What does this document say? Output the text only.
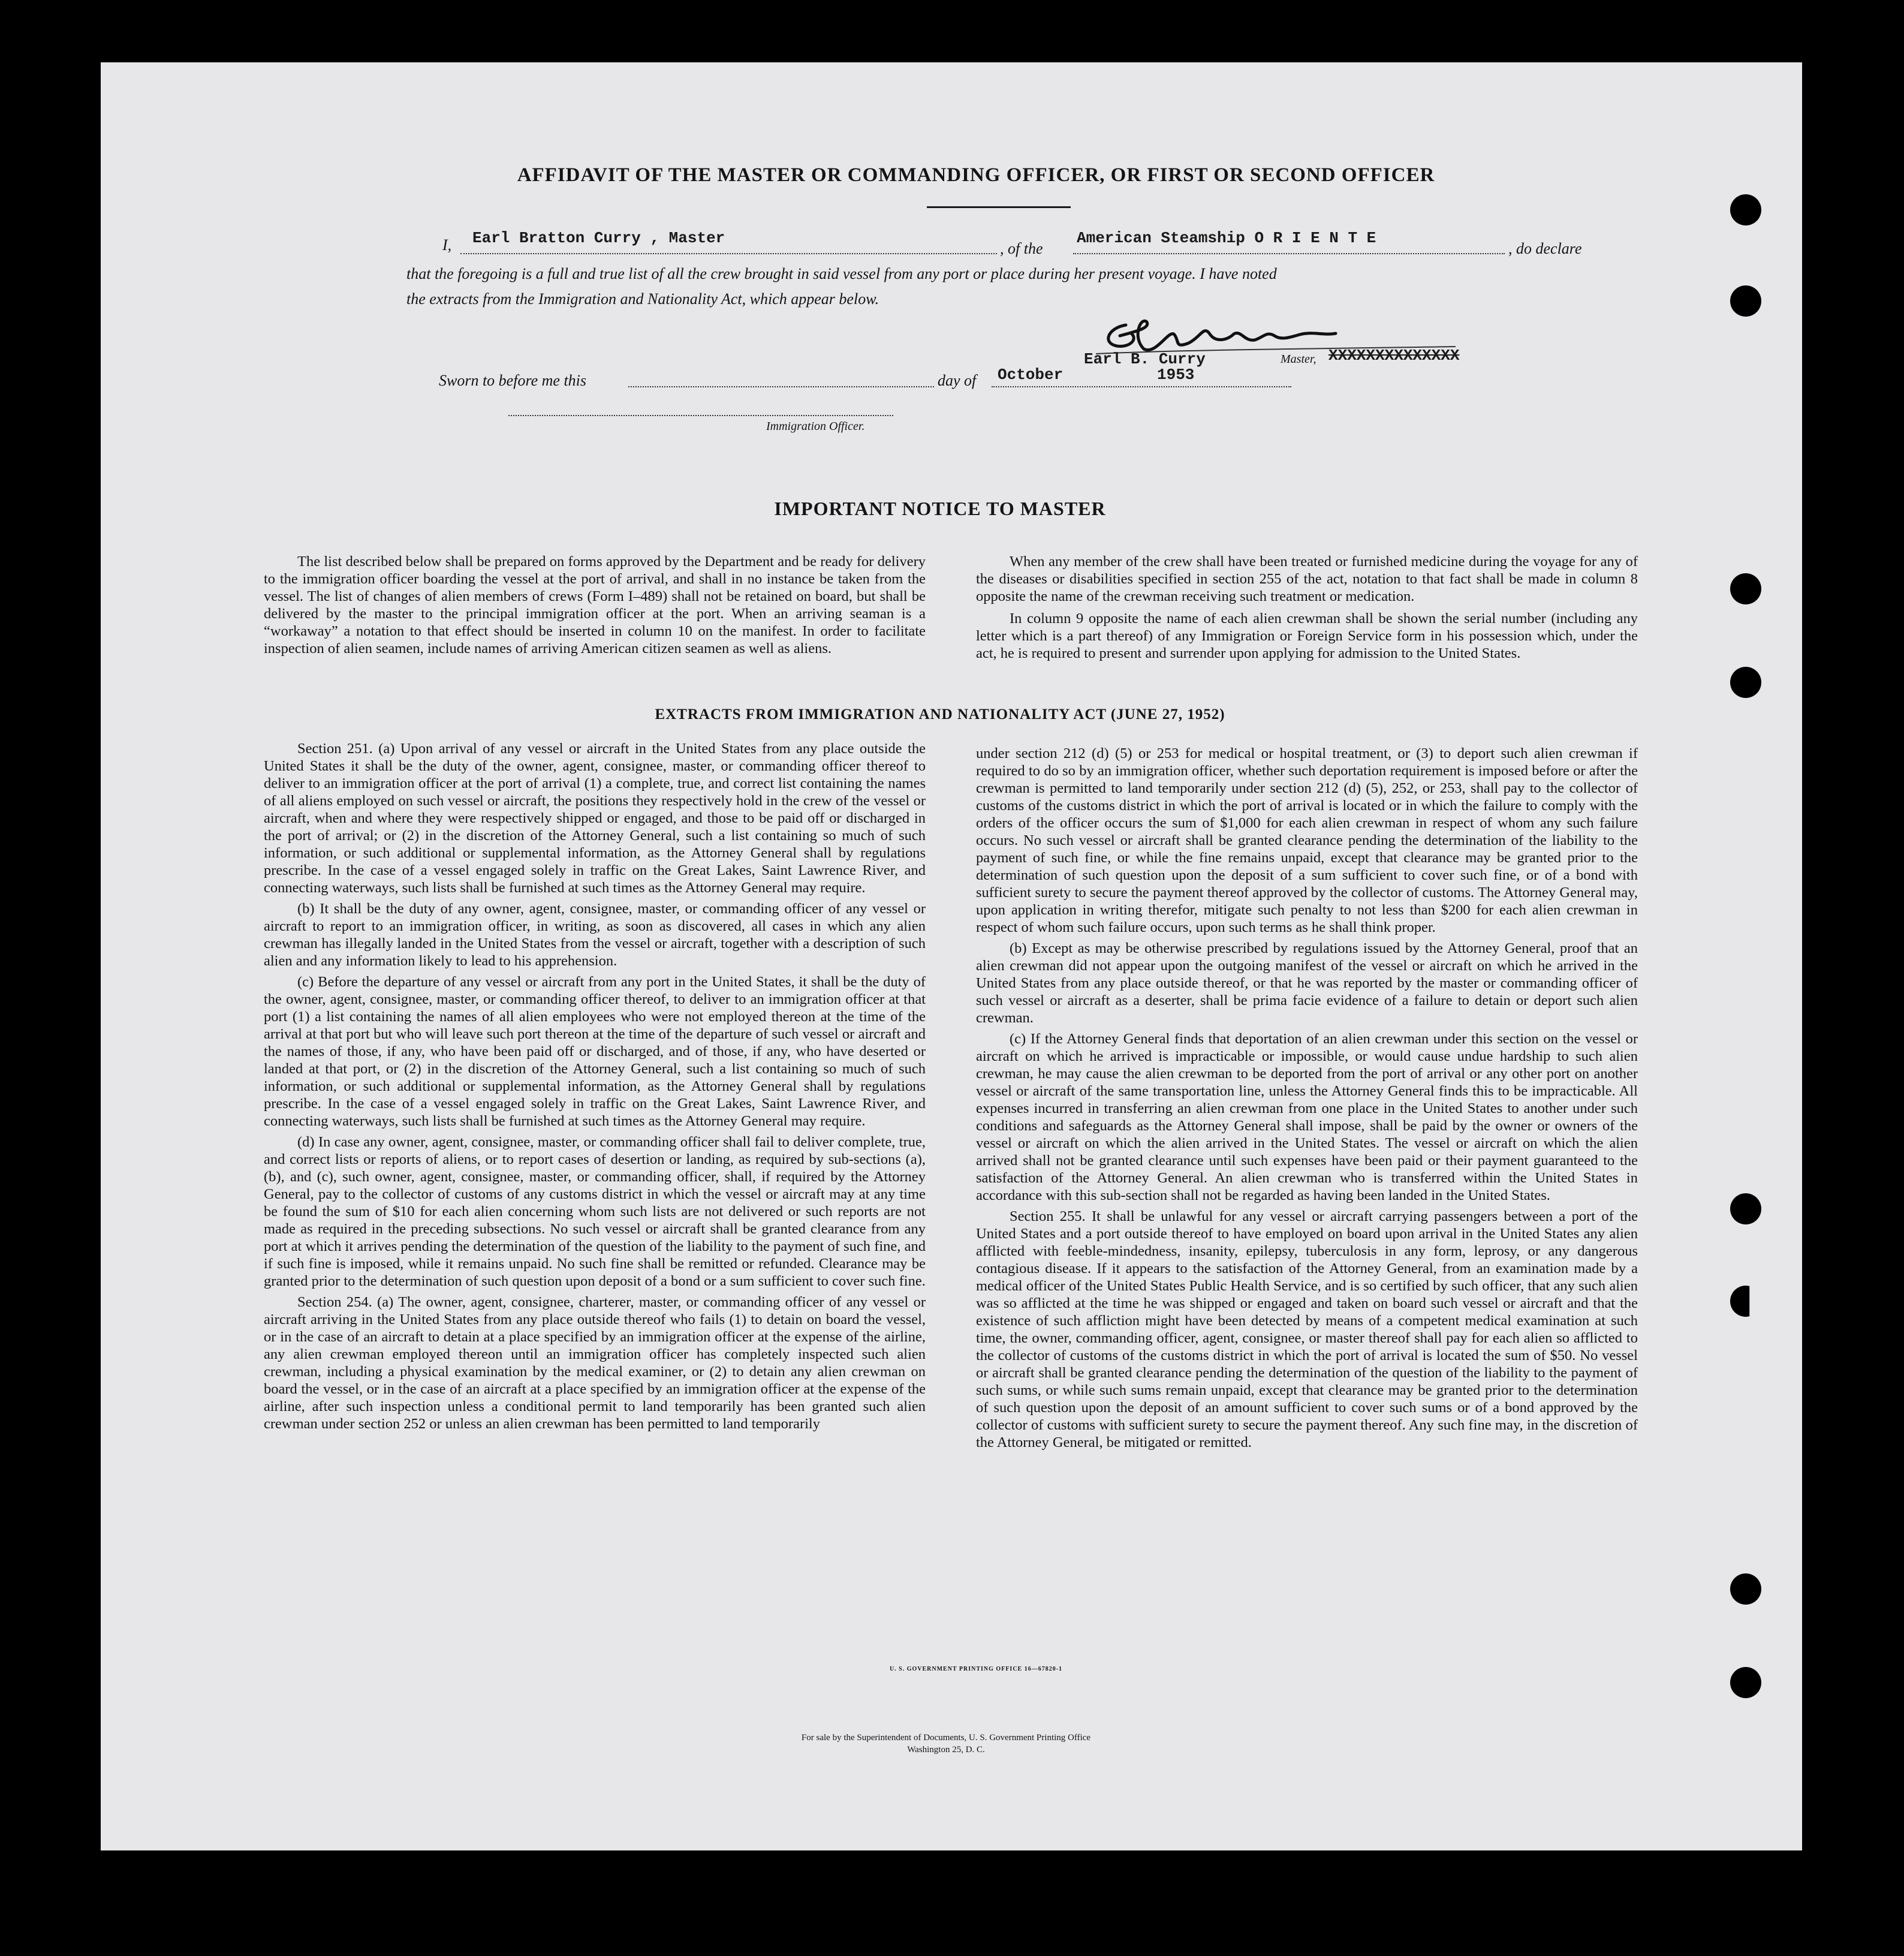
AFFIDAVIT OF THE MASTER OR COMMANDING OFFICER, OR FIRST OR SECOND OFFICER
I, Earl Bratton Curry , Master
, of the
American Steamship O R I E N T E
, do declare
that the foregoing is a full and true list of all the crew brought in said vessel from any port or place during her present voyage. I have noted
the extracts from the Immigration and Nationality Act, which appear below.
Earl B. Curry	Master, XXXXXXXXXXXXXX
Sworn to before me this	day of October	1953
Immigration Officer.
IMPORTANT NOTICE TO MASTER

The list described below shall be prepared on forms approved by the Department and be ready for delivery to the immigration officer boarding the vessel at the port of arrival, and shall in no instance be taken from the vessel. The list of changes of alien members of crews (Form I–489) shall not be retained on board, but shall be delivered by the master to the principal immigration officer at the port. When an arriving seaman is a “workaway” a notation to that effect should be inserted in column 10 on the manifest. In order to facilitate inspection of alien seamen, include names of arriving American citizen seamen as well as aliens.

When any member of the crew shall have been treated or furnished medicine during the voyage for any of the diseases or disabilities specified in section 255 of the act, notation to that fact shall be made in column 8 opposite the name of the crewman receiving such treatment or medication.

In column 9 opposite the name of each alien crewman shall be shown the serial number (including any letter which is a part thereof) of any Immigration or Foreign Service form in his possession which, under the act, he is required to present and surrender upon applying for admission to the United States.

EXTRACTS FROM IMMIGRATION AND NATIONALITY ACT (JUNE 27, 1952)

Section 251. (a) Upon arrival of any vessel or aircraft in the United States from any place outside the United States it shall be the duty of the owner, agent, consignee, master, or commanding officer thereof to deliver to an immigration officer at the port of arrival (1) a complete, true, and correct list containing the names of all aliens employed on such vessel or aircraft, the positions they respectively hold in the crew of the vessel or aircraft, when and where they were respectively shipped or engaged, and those to be paid off or discharged in the port of arrival; or (2) in the discretion of the Attorney General, such a list containing so much of such information, or such additional or supplemental information, as the Attorney General shall by regulations prescribe. In the case of a vessel engaged solely in traffic on the Great Lakes, Saint Lawrence River, and connecting waterways, such lists shall be furnished at such times as the Attorney General may require.

(b) It shall be the duty of any owner, agent, consignee, master, or commanding officer of any vessel or aircraft to report to an immigration officer, in writing, as soon as discovered, all cases in which any alien crewman has illegally landed in the United States from the vessel or aircraft, together with a description of such alien and any information likely to lead to his apprehension.

(c) Before the departure of any vessel or aircraft from any port in the United States, it shall be the duty of the owner, agent, consignee, master, or commanding officer thereof, to deliver to an immigration officer at that port (1) a list containing the names of all alien employees who were not employed thereon at the time of the arrival at that port but who will leave such port thereon at the time of the departure of such vessel or aircraft and the names of those, if any, who have been paid off or discharged, and of those, if any, who have deserted or landed at that port, or (2) in the discretion of the Attorney General, such a list containing so much of such information, or such additional or supplemental information, as the Attorney General shall by regulations prescribe. In the case of a vessel engaged solely in traffic on the Great Lakes, Saint Lawrence River, and connecting waterways, such lists shall be furnished at such times as the Attorney General may require.

(d) In case any owner, agent, consignee, master, or commanding officer shall fail to deliver complete, true, and correct lists or reports of aliens, or to report cases of desertion or landing, as required by sub-sections (a), (b), and (c), such owner, agent, consignee, master, or commanding officer, shall, if required by the Attorney General, pay to the collector of customs of any customs district in which the vessel or aircraft may at any time be found the sum of $10 for each alien concerning whom such lists are not delivered or such reports are not made as required in the preceding subsections. No such vessel or aircraft shall be granted clearance from any port at which it arrives pending the determination of the question of the liability to the payment of such fine, and if such fine is imposed, while it remains unpaid. No such fine shall be remitted or refunded. Clearance may be granted prior to the determination of such question upon deposit of a bond or a sum sufficient to cover such fine.

Section 254. (a) The owner, agent, consignee, charterer, master, or commanding officer of any vessel or aircraft arriving in the United States from any place outside thereof who fails (1) to detain on board the vessel, or in the case of an aircraft to detain at a place specified by an immigration officer at the expense of the airline, any alien crewman employed thereon until an immigration officer has completely inspected such alien crewman, including a physical examination by the medical examiner, or (2) to detain any alien crewman on board the vessel, or in the case of an aircraft at a place specified by an immigration officer at the expense of the airline, after such inspection unless a conditional permit to land temporarily has been granted such alien crewman under section 252 or unless an alien crewman has been permitted to land temporarily

under section 212 (d) (5) or 253 for medical or hospital treatment, or (3) to deport such alien crewman if required to do so by an immigration officer, whether such deportation requirement is imposed before or after the crewman is permitted to land temporarily under section 212 (d) (5), 252, or 253, shall pay to the collector of customs of the customs district in which the port of arrival is located or in which the failure to comply with the orders of the officer occurs the sum of $1,000 for each alien crewman in respect of whom any such failure occurs. No such vessel or aircraft shall be granted clearance pending the determination of the liability to the payment of such fine, or while the fine remains unpaid, except that clearance may be granted prior to the determination of such question upon the deposit of a sum sufficient to cover such fine, or of a bond with sufficient surety to secure the payment thereof approved by the collector of customs. The Attorney General may, upon application in writing therefor, mitigate such penalty to not less than $200 for each alien crewman in respect of whom such failure occurs, upon such terms as he shall think proper.

(b) Except as may be otherwise prescribed by regulations issued by the Attorney General, proof that an alien crewman did not appear upon the outgoing manifest of the vessel or aircraft on which he arrived in the United States from any place outside thereof, or that he was reported by the master or commanding officer of such vessel or aircraft as a deserter, shall be prima facie evidence of a failure to detain or deport such alien crewman.

(c) If the Attorney General finds that deportation of an alien crewman under this section on the vessel or aircraft on which he arrived is impracticable or impossible, or would cause undue hardship to such alien crewman, he may cause the alien crewman to be deported from the port of arrival or any other port on another vessel or aircraft of the same transportation line, unless the Attorney General finds this to be impracticable. All expenses incurred in transferring an alien crewman from one place in the United States to another under such conditions and safeguards as the Attorney General shall impose, shall be paid by the owner or owners of the vessel or aircraft on which the alien arrived in the United States. The vessel or aircraft on which the alien arrived shall not be granted clearance until such expenses have been paid or their payment guaranteed to the satisfaction of the Attorney General. An alien crewman who is transferred within the United States in accordance with this sub-section shall not be regarded as having been landed in the United States.

Section 255. It shall be unlawful for any vessel or aircraft carrying passengers between a port of the United States and a port outside thereof to have employed on board upon arrival in the United States any alien afflicted with feeble-mindedness, insanity, epilepsy, tuberculosis in any form, leprosy, or any dangerous contagious disease. If it appears to the satisfaction of the Attorney General, from an examination made by a medical officer of the United States Public Health Service, and is so certified by such officer, that any such alien was so afflicted at the time he was shipped or engaged and taken on board such vessel or aircraft and that the existence of such affliction might have been detected by means of a competent medical examination at such time, the owner, commanding officer, agent, consignee, or master thereof shall pay for each alien so afflicted to the collector of customs of the customs district in which the port of arrival is located the sum of $50. No vessel or aircraft shall be granted clearance pending the determination of the question of the liability to the payment of such sums, or while such sums remain unpaid, except that clearance may be granted prior to the determination of such question upon the deposit of an amount sufficient to cover such sums or of a bond approved by the collector of customs with sufficient surety to secure the payment thereof. Any such fine may, in the discretion of the Attorney General, be mitigated or remitted.

U. S. GOVERNMENT PRINTING OFFICE 16—67820-1
For sale by the Superintendent of Documents, U. S. Government Printing Office
Washington 25, D. C.
